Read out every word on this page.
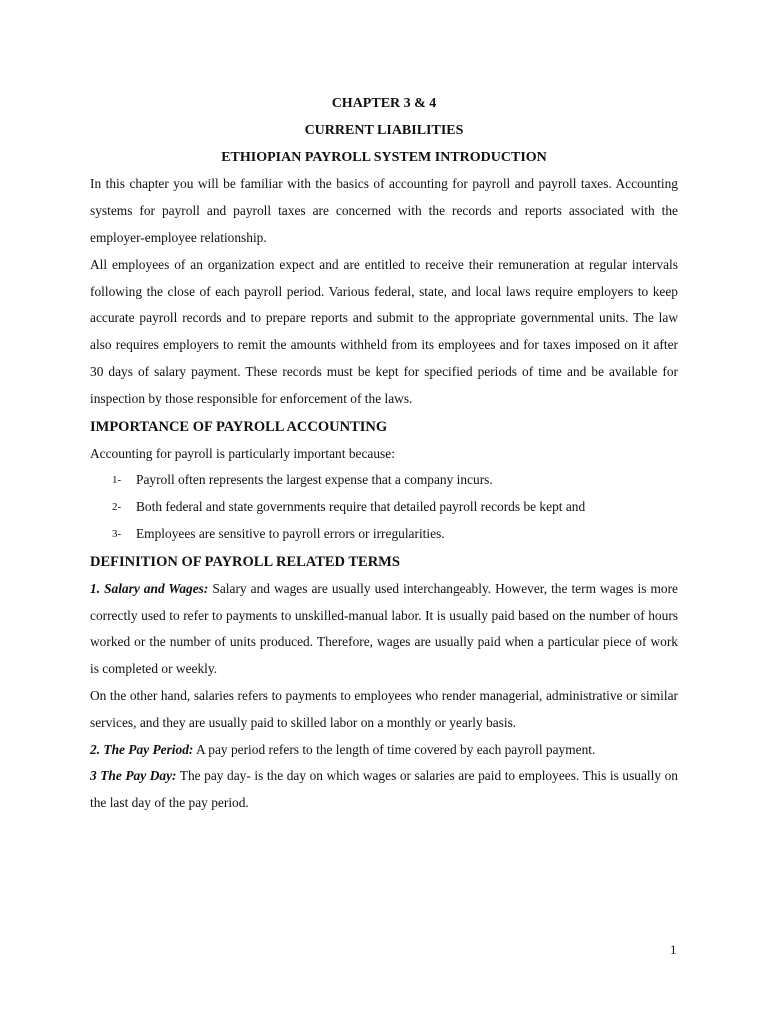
CHAPTER 3 & 4
CURRENT LIABILITIES
ETHIOPIAN PAYROLL SYSTEM INTRODUCTION

In this chapter you will be familiar with the basics of accounting for payroll and payroll taxes. Accounting systems for payroll and payroll taxes are concerned with the records and reports associated with the employer-employee relationship.

All employees of an organization expect and are entitled to receive their remuneration at regular intervals following the close of each payroll period. Various federal, state, and local laws require employers to keep accurate payroll records and to prepare reports and submit to the appropriate governmental units. The law also requires employers to remit the amounts withheld from its employees and for taxes imposed on it after 30 days of salary payment. These records must be kept for specified periods of time and be available for inspection by those responsible for enforcement of the laws.

IMPORTANCE OF PAYROLL ACCOUNTING

Accounting for payroll is particularly important because:

1-	Payroll often represents the largest expense that a company incurs.
2-	Both federal and state governments require that detailed payroll records be kept and
3-	Employees are sensitive to payroll errors or irregularities.
DEFINITION OF PAYROLL RELATED TERMS

1. Salary and Wages: Salary and wages are usually used interchangeably. However, the term wages is more correctly used to refer to payments to unskilled-manual labor. It is usually paid based on the number of hours worked or the number of units produced. Therefore, wages are usually paid when a particular piece of work is completed or weekly.

On the other hand, salaries refers to payments to employees who render managerial, administrative or similar services, and they are usually paid to skilled labor on a monthly or yearly basis.

2. The Pay Period: A pay period refers to the length of time covered by each payroll payment.

3 The Pay Day: The pay day- is the day on which wages or salaries are paid to employees. This is usually on the last day of the pay period.

1
